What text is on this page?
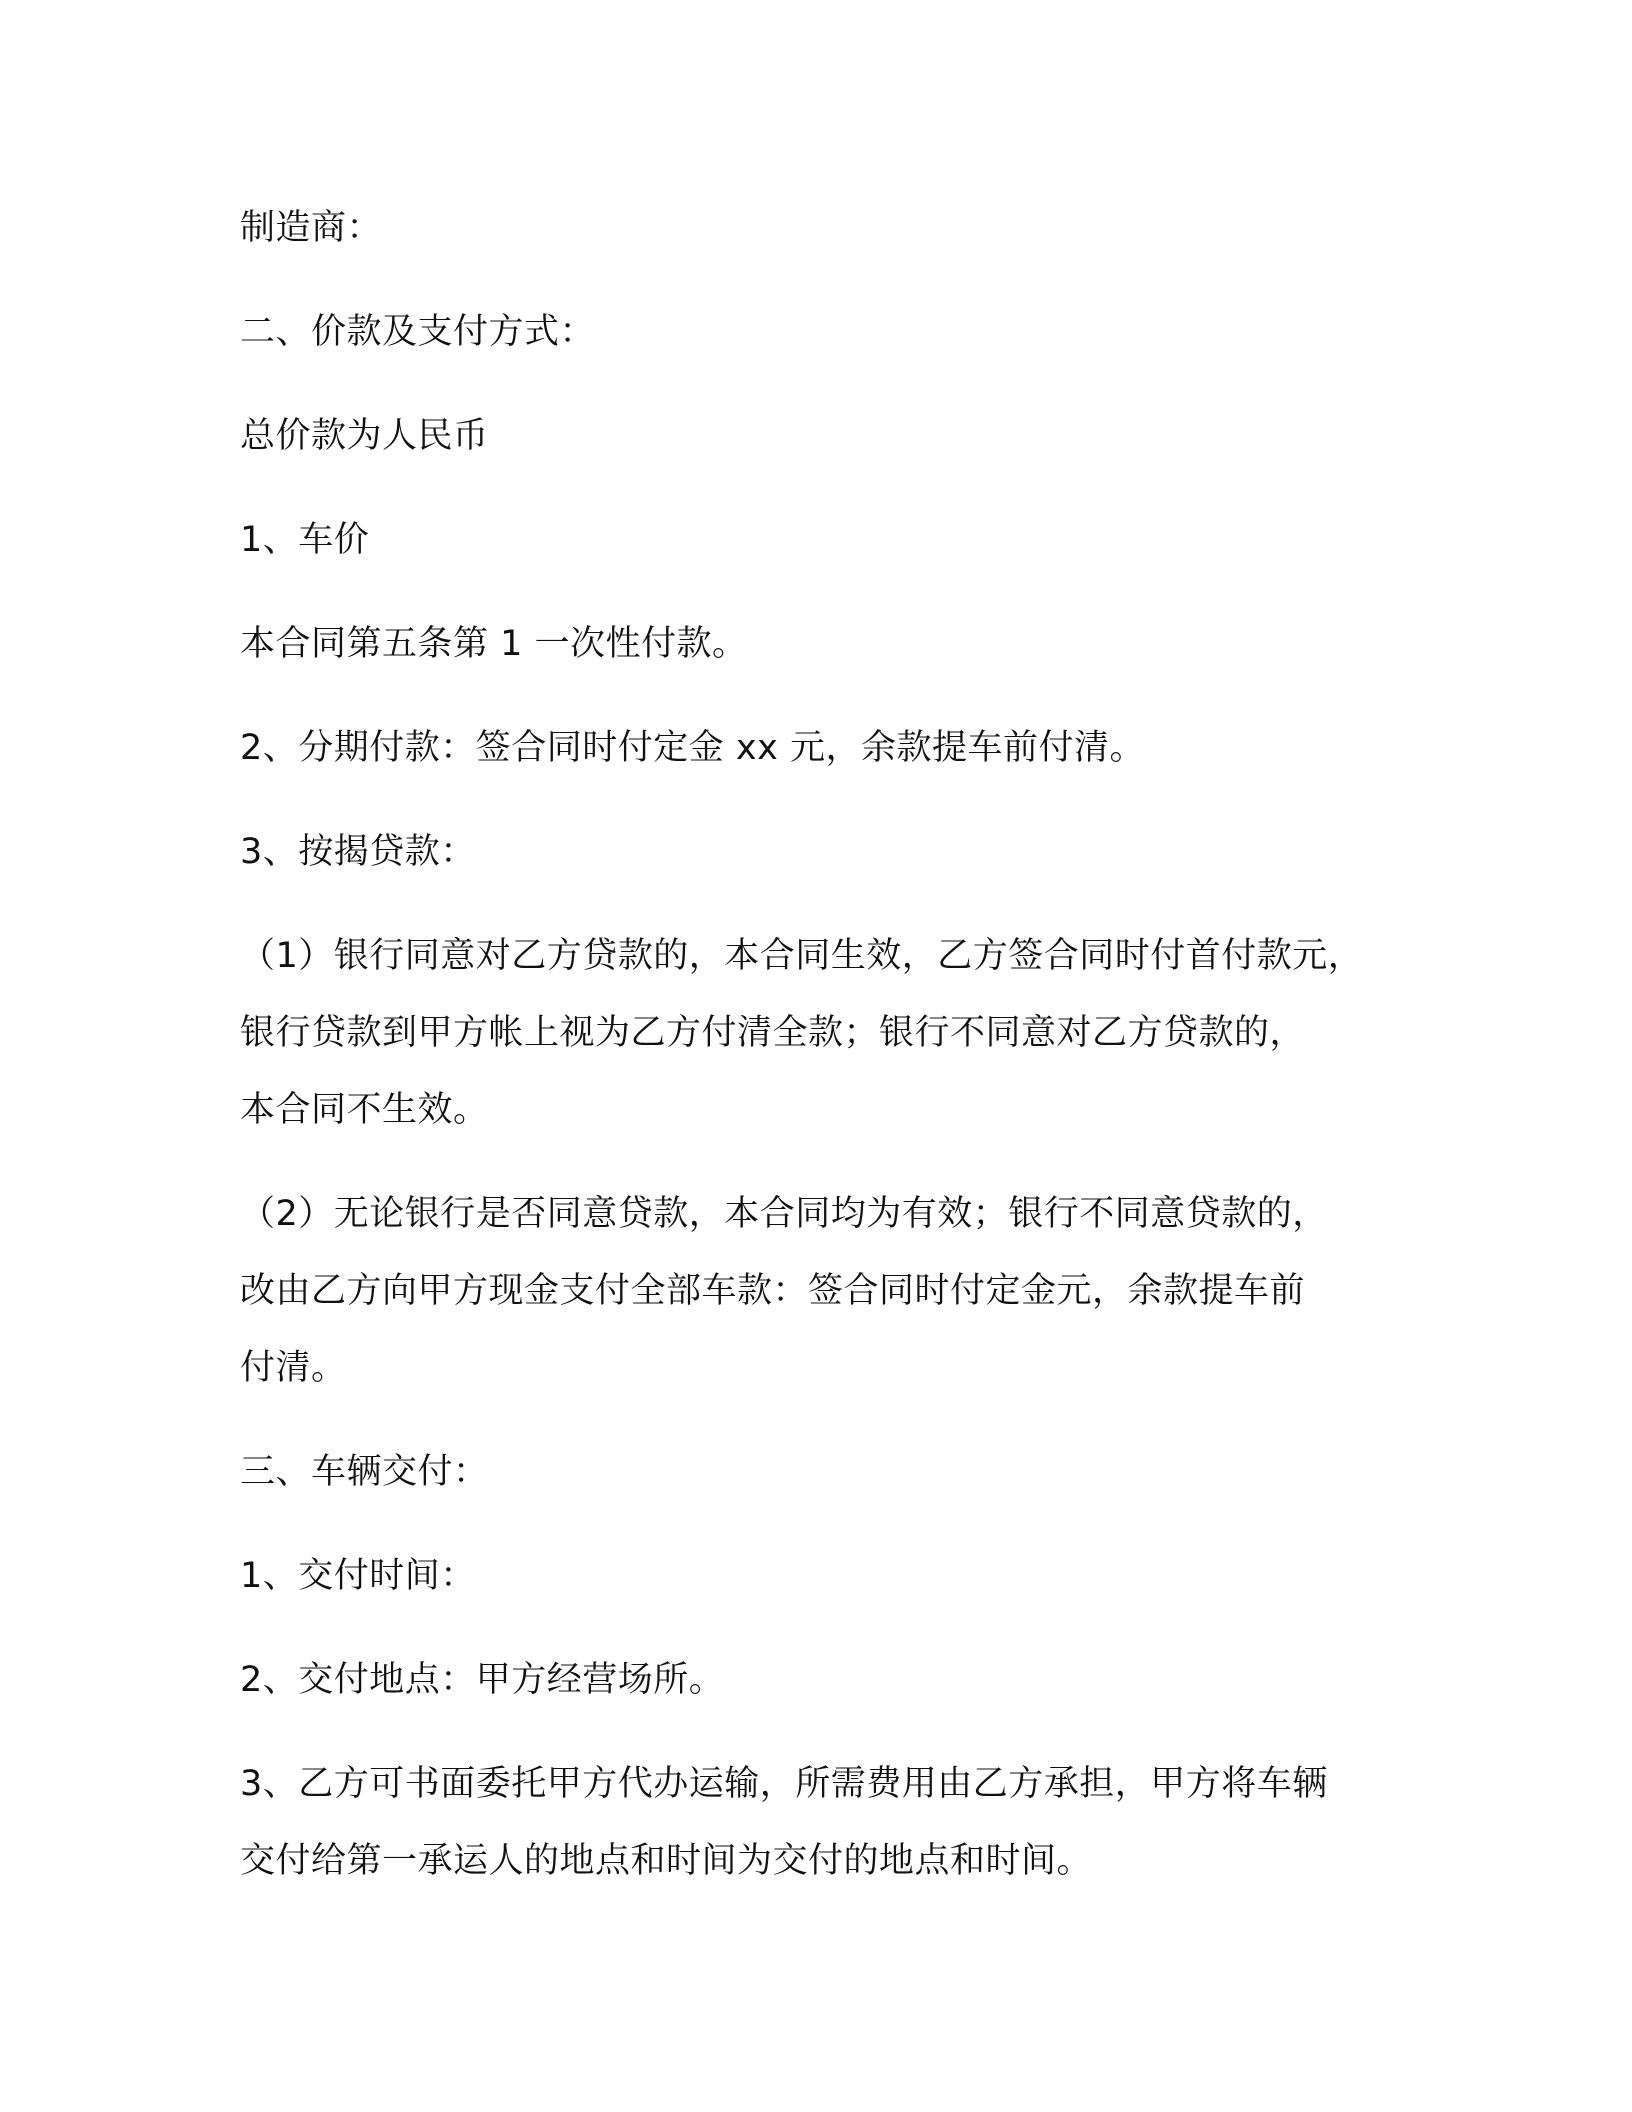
制造商：

二、价款及支付方式：

总价款为人民币

1、车价

本合同第五条第 1 一次性付款。

2、分期付款：签合同时付定金 xx 元，余款提车前付清。

3、按揭贷款：

（1）银行同意对乙方贷款的，本合同生效，乙方签合同时付首付款元，
银行贷款到甲方帐上视为乙方付清全款；银行不同意对乙方贷款的，
本合同不生效。

（2）无论银行是否同意贷款，本合同均为有效；银行不同意贷款的，
改由乙方向甲方现金支付全部车款：签合同时付定金元，余款提车前
付清。

三、车辆交付：

1、交付时间：

2、交付地点：甲方经营场所。

3、乙方可书面委托甲方代办运输，所需费用由乙方承担，甲方将车辆
交付给第一承运人的地点和时间为交付的地点和时间。
